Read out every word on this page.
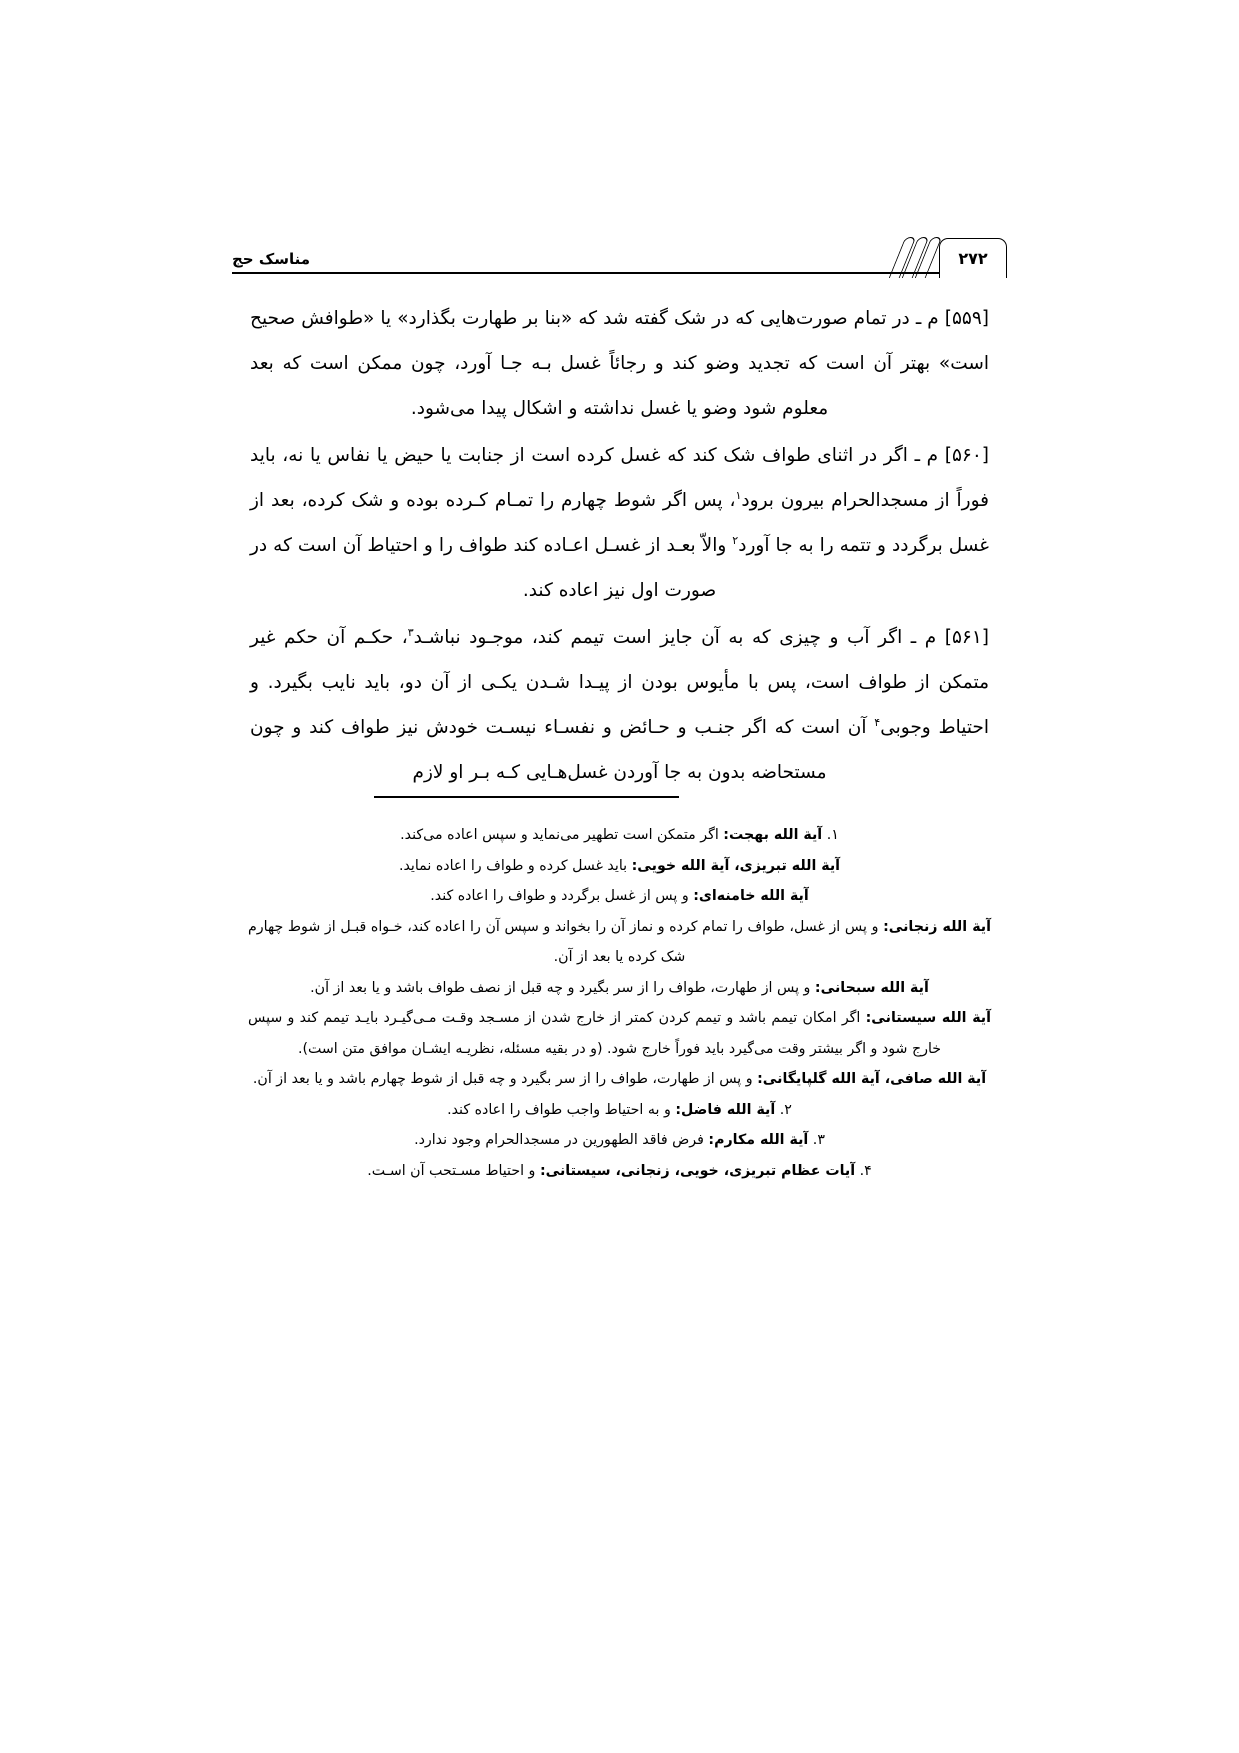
مناسک حج	۲۷۲

[۵۵۹] م ـ در تمام صورت‌هایی که در شک گفته شد که «بنا بر طهارت بگذارد» یا «طوافش صحیح است» بهتر آن است که تجدید وضو کند و رجائاً غسل بـه جـا آورد، چون ممکن است که بعد معلوم شود وضو یا غسل نداشته و اشکال پیدا می‌شود.

[۵۶۰] م ـ اگر در اثنای طواف شک کند که غسل کرده است از جنابت یا حیض یا نفاس یا نه، باید فوراً از مسجدالحرام بیرون برود$^۱$، پس اگر شوط چهارم را تمـام کـرده بوده و شک کرده، بعد از غسل برگردد و تتمه را به جا آورد$^۲$ والاّ بعـد از غسـل اعـاده کند طواف را و احتیاط آن است که در صورت اول نیز اعاده کند.

[۵۶۱] م ـ اگر آب و چیزی که به آن جایز است تیمم کند، موجـود نباشـد$^۳$، حکـم آن حکم غیر متمکن از طواف است، پس با مأیوس بودن از پیـدا شـدن یکـی از آن دو، باید نایب بگیرد. و احتیاط وجوبی$^۴$ آن است که اگر جنـب و حـائض و نفسـاء نیسـت خودش نیز طواف کند و چون مستحاضه بدون به جا آوردن غسل‌هـایی کـه بـر او لازم

۱. آیة الله بهجت: اگر متمکن است تطهیر می‌نماید و سپس اعاده می‌کند.
آیة الله تبریزی، آیة الله خویی: باید غسل کرده و طواف را اعاده نماید.
آیة الله خامنه‌ای: و پس از غسل برگردد و طواف را اعاده کند.
آیة الله زنجانی: و پس از غسل، طواف را تمام کرده و نماز آن را بخواند و سپس آن را اعاده کند، خـواه قبـل از شوط چهارم شک کرده یا بعد از آن.
آیة الله سبحانی: و پس از طهارت، طواف را از سر بگیرد و چه قبل از نصف طواف باشد و یا بعد از آن.
آیة الله سیستانی: اگر امکان تیمم باشد و تیمم کردن کمتر از خارج شدن از مسـجد وقـت مـی‌گیـرد بایـد تیمم کند و سپس خارج شود و اگر بیشتر وقت می‌گیرد باید فوراً خارج شود. (و در بقیه مسئله، نظریـه ایشـان موافق متن است).
آیة الله صافی، آیة الله گلپایگانی: و پس از طهارت، طواف را از سر بگیرد و چه قبل از شوط چهارم باشد و یا بعد از آن.
۲. آیة الله فاضل: و به احتیاط واجب طواف را اعاده کند.
۳. آیة الله مکارم: فرض فاقد الطهورین در مسجدالحرام وجود ندارد.
۴. آیات عظام تبریزی، خویی، زنجانی، سیستانی: و احتیاط مسـتحب آن اسـت.
